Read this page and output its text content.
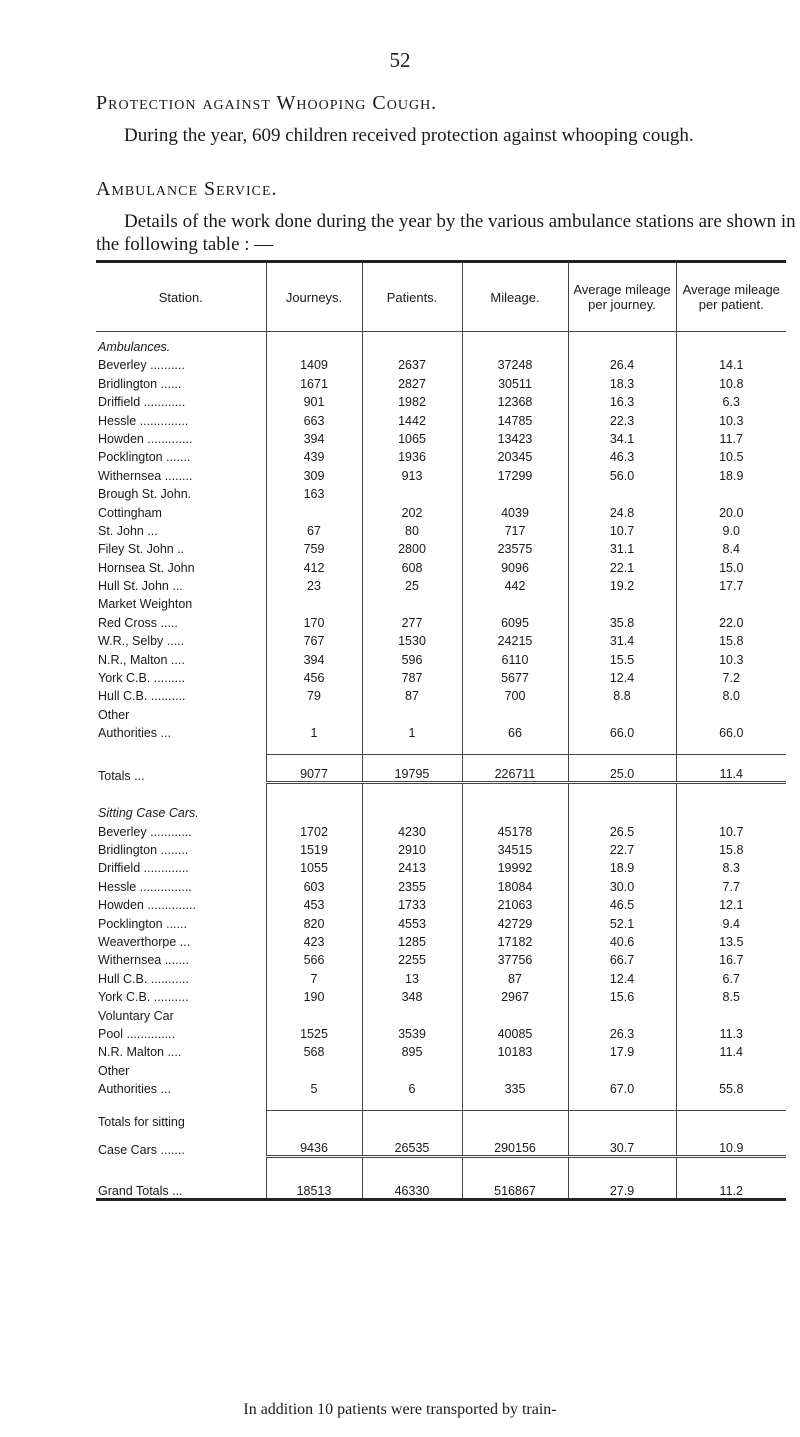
52
Protection against Whooping Cough.
During the year, 609 children received protection against whooping cough.
Ambulance Service.
Details of the work done during the year by the various ambulance stations are shown in the following table : —
Station.	Journeys.	Patients.	Mileage.	Average mileage per journey.	Average mileage per patient.
Ambulances.					
Beverley ..........	1409	2637	37248	26.4	14.1
Bridlington ......	1671	2827	30511	18.3	10.8
Driffield ............	901	1982	12368	16.3	6.3
Hessle ..............	663	1442	14785	22.3	10.3
Howden .............	394	1065	13423	34.1	11.7
Pocklington .......	439	1936	20345	46.3	10.5
Withernsea ........	309	913	17299	56.0	18.9
Brough St. John.	163				
Cottingham		202	4039	24.8	20.0
St. John ...	67	80	717	10.7	9.0
Filey St. John ..	759	2800	23575	31.1	8.4
Hornsea St. John	412	608	9096	22.1	15.0
Hull St. John ...	23	25	442	19.2	17.7
Market Weighton					
Red Cross .....	170	277	6095	35.8	22.0
W.R., Selby .....	767	1530	24215	31.4	15.8
N.R., Malton ....	394	596	6110	15.5	10.3
York C.B. .........	456	787	5677	12.4	7.2
Hull C.B. ..........	79	87	700	8.8	8.0
Other					
Authorities ...	1	1	66	66.0	66.0

Totals ...	9077	19795	226711	25.0	11.4

Sitting Case Cars.					
Beverley ............	1702	4230	45178	26.5	10.7
Bridlington ........	1519	2910	34515	22.7	15.8
Driffield .............	1055	2413	19992	18.9	8.3
Hessle ...............	603	2355	18084	30.0	7.7
Howden ..............	453	1733	21063	46.5	12.1
Pocklington ......	820	4553	42729	52.1	9.4
Weaverthorpe ...	423	1285	17182	40.6	13.5
Withernsea .......	566	2255	37756	66.7	16.7
Hull C.B. ...........	7	13	87	12.4	6.7
York C.B. ..........	190	348	2967	15.6	8.5
Voluntary Car					
Pool ..............	1525	3539	40085	26.3	11.3
N.R. Malton ....	568	895	10183	17.9	11.4
Other					
Authorities ...	5	6	335	67.0	55.8

Totals for sitting					
Case Cars .......	9436	26535	290156	30.7	10.9

Grand Totals ...	18513	46330	516867	27.9	11.2
In addition 10 patients were transported by train-
